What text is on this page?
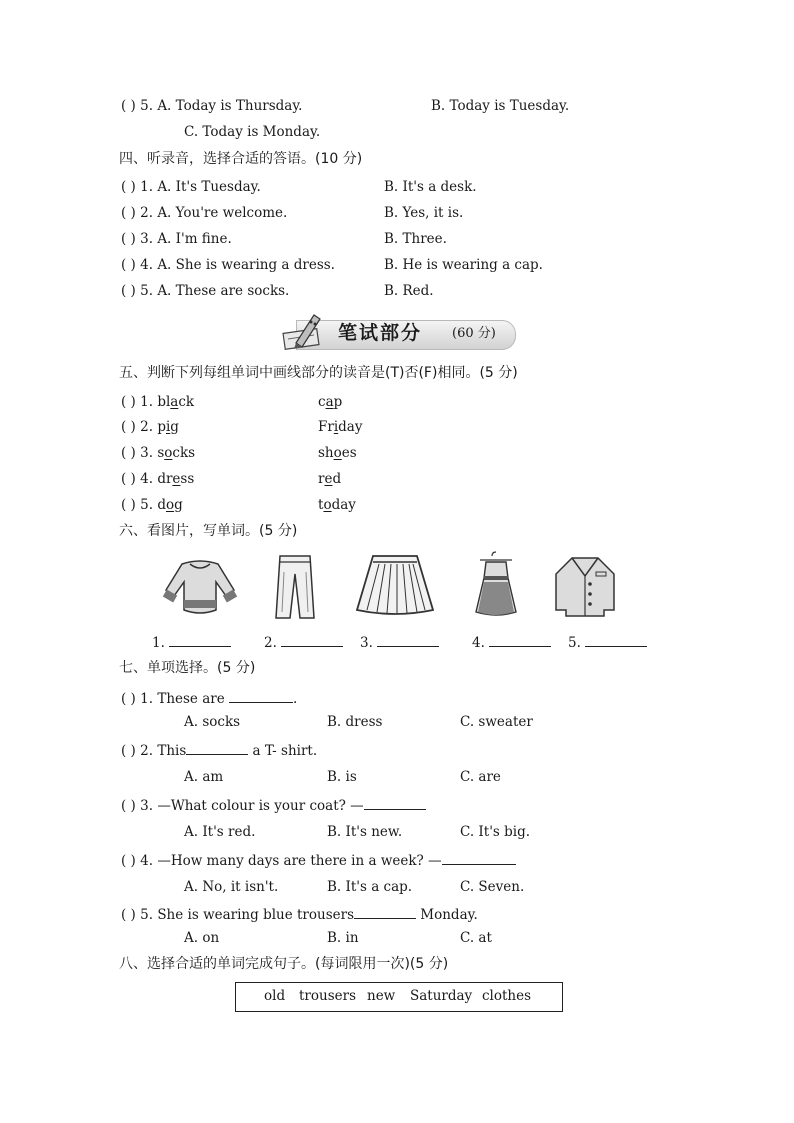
( ) 5. A. Today is Thursday.	B. Today is Tuesday.
C. Today is Monday.
四、听录音，选择合适的答语。(10 分)
( ) 1. A. It's Tuesday.	B. It's a desk.
( ) 2. A. You're welcome.	B. Yes, it is.
( ) 3. A. I'm fine.	B. Three.
( ) 4. A. She is wearing a dress.	B. He is wearing a cap.
( ) 5. A. These are socks.	B. Red.
笔试部分 (60 分)
五、判断下列每组单词中画线部分的读音是(T)否(F)相同。(5 分)
( ) 1. black	cap
( ) 2. pig	Friday
( ) 3. socks	shoes
( ) 4. dress	red
( ) 5. dog	today
六、看图片，写单词。(5 分)
1.	2.	3.	4.	5.
七、单项选择。(5 分)
( ) 1. These are	.
A. socks	B. dress	C. sweater
( ) 2. This	a T- shirt.
A. am	B. is	C. are
( ) 3. —What colour is your coat? —
A. It's red.	B. It's new.	C. It's big.
( ) 4. —How many days are there in a week? —
A. No, it isn't.	B. It's a cap.	C. Seven.
( ) 5. She is wearing blue trousers	Monday.
A. on	B. in	C. at
八、选择合适的单词完成句子。(每词限用一次)(5 分)
old trousers new Saturday clothes
